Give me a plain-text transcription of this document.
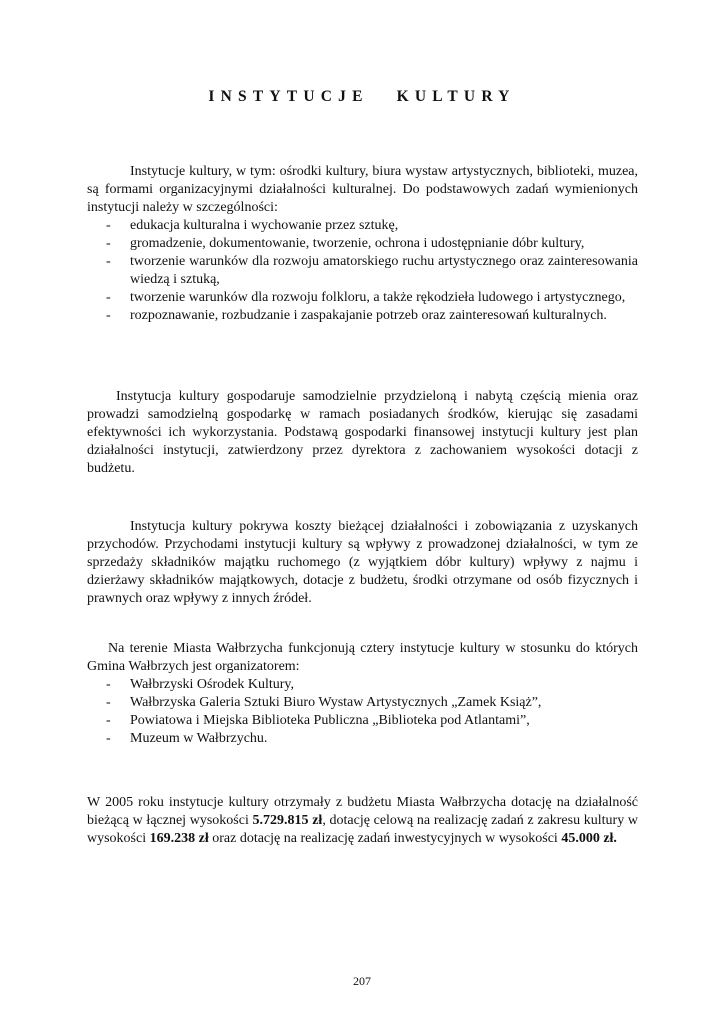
INSTYTUCJE KULTURY

Instytucje kultury, w tym: ośrodki kultury, biura wystaw artystycznych, biblioteki, muzea, są formami organizacyjnymi działalności kulturalnej. Do podstawowych zadań wymienionych instytucji należy w szczególności:

- edukacja kulturalna i wychowanie przez sztukę,
- gromadzenie, dokumentowanie, tworzenie, ochrona i udostępnianie dóbr kultury,
- tworzenie warunków dla rozwoju amatorskiego ruchu artystycznego oraz zainteresowania wiedzą i sztuką,
- tworzenie warunków dla rozwoju folkloru, a także rękodzieła ludowego i artystycznego,
- rozpoznawanie, rozbudzanie i zaspakajanie potrzeb oraz zainteresowań kulturalnych.

Instytucja kultury gospodaruje samodzielnie przydzieloną i nabytą częścią mienia oraz prowadzi samodzielną gospodarkę w ramach posiadanych środków, kierując się zasadami efektywności ich wykorzystania. Podstawą gospodarki finansowej instytucji kultury jest plan działalności instytucji, zatwierdzony przez dyrektora z zachowaniem wysokości dotacji z budżetu.

Instytucja kultury pokrywa koszty bieżącej działalności i zobowiązania z uzyskanych przychodów. Przychodami instytucji kultury są wpływy z prowadzonej działalności, w tym ze sprzedaży składników majątku ruchomego (z wyjątkiem dóbr kultury) wpływy z najmu i dzierżawy składników majątkowych, dotacje z budżetu, środki otrzymane od osób fizycznych i prawnych oraz wpływy z innych źródeł.

Na terenie Miasta Wałbrzycha funkcjonują cztery instytucje kultury w stosunku do których Gmina Wałbrzych jest organizatorem:

- Wałbrzyski Ośrodek Kultury,
- Wałbrzyska Galeria Sztuki Biuro Wystaw Artystycznych „Zamek Książ”,
- Powiatowa i Miejska Biblioteka Publiczna „Biblioteka pod Atlantami”,
- Muzeum w Wałbrzychu.

W 2005 roku instytucje kultury otrzymały z budżetu Miasta Wałbrzycha dotację na działalność bieżącą w łącznej wysokości 5.729.815 zł, dotację celową na realizację zadań z zakresu kultury w wysokości 169.238 zł oraz dotację na realizację zadań inwestycyjnych w wysokości 45.000 zł.

207
